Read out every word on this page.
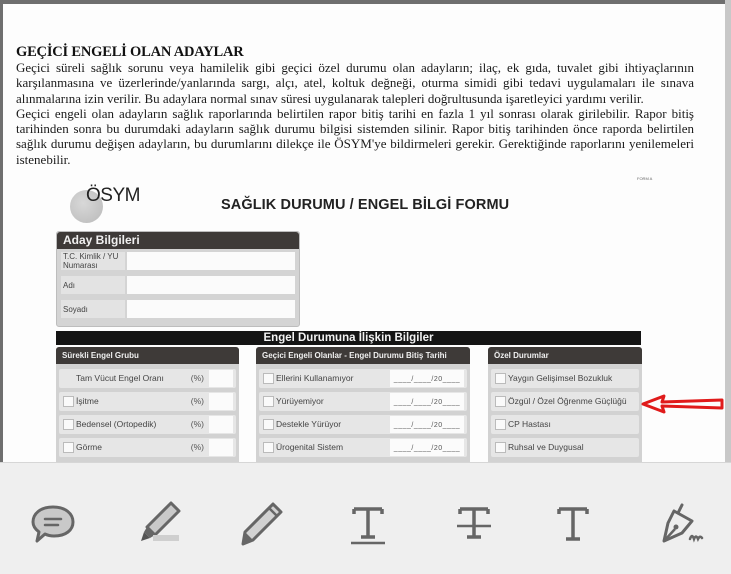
GEÇİCİ ENGELİ OLAN ADAYLAR

Geçici süreli sağlık sorunu veya hamilelik gibi geçici özel durumu olan adayların; ilaç, ek gıda, tuvalet gibi ihtiyaçlarının karşılanmasına ve üzerlerinde/yanlarında sargı, alçı, atel, koltuk değneği, oturma simidi gibi tedavi uygulamaları ile sınava alınmalarına izin verilir. Bu adaylara normal sınav süresi uygulanarak talepleri doğrultusunda işaretleyici yardımı verilir.

Geçici engeli olan adayların sağlık raporlarında belirtilen rapor bitiş tarihi en fazla 1 yıl sonrası olarak girilebilir. Rapor bitiş tarihinden sonra bu durumdaki adayların sağlık durumu bilgisi sistemden silinir. Rapor bitiş tarihinden önce raporda belirtilen sağlık durumu değişen adayların, bu durumlarını dilekçe ile ÖSYM'ye bildirmeleri gerekir. Gerektiğinde raporlarını yenilemeleri istenebilir.

FORM A
ÖSYM	SAĞLIK DURUMU / ENGEL BİLGİ FORMU
Aday Bilgileri
T.C. Kimlik / YU Numarası
Adı
Soyadı
Engel Durumuna İlişkin Bilgiler
Sürekli Engel Grubu
Tam Vücut Engel Oranı	(%)
İşitme	(%)
Bedensel (Ortopedik)	(%)
Görme	(%)
Geçici Engeli Olanlar - Engel Durumu Bitiş Tarihi
Ellerini Kullanamıyor	____/____/20____
Yürüyemiyor	____/____/20____
Destekle Yürüyor	____/____/20____
Ürogenital Sistem	____/____/20____
Özel Durumlar
Yaygın Gelişimsel Bozukluk
Özgül / Özel Öğrenme Güçlüğü
CP Hastası
Ruhsal ve Duygusal
